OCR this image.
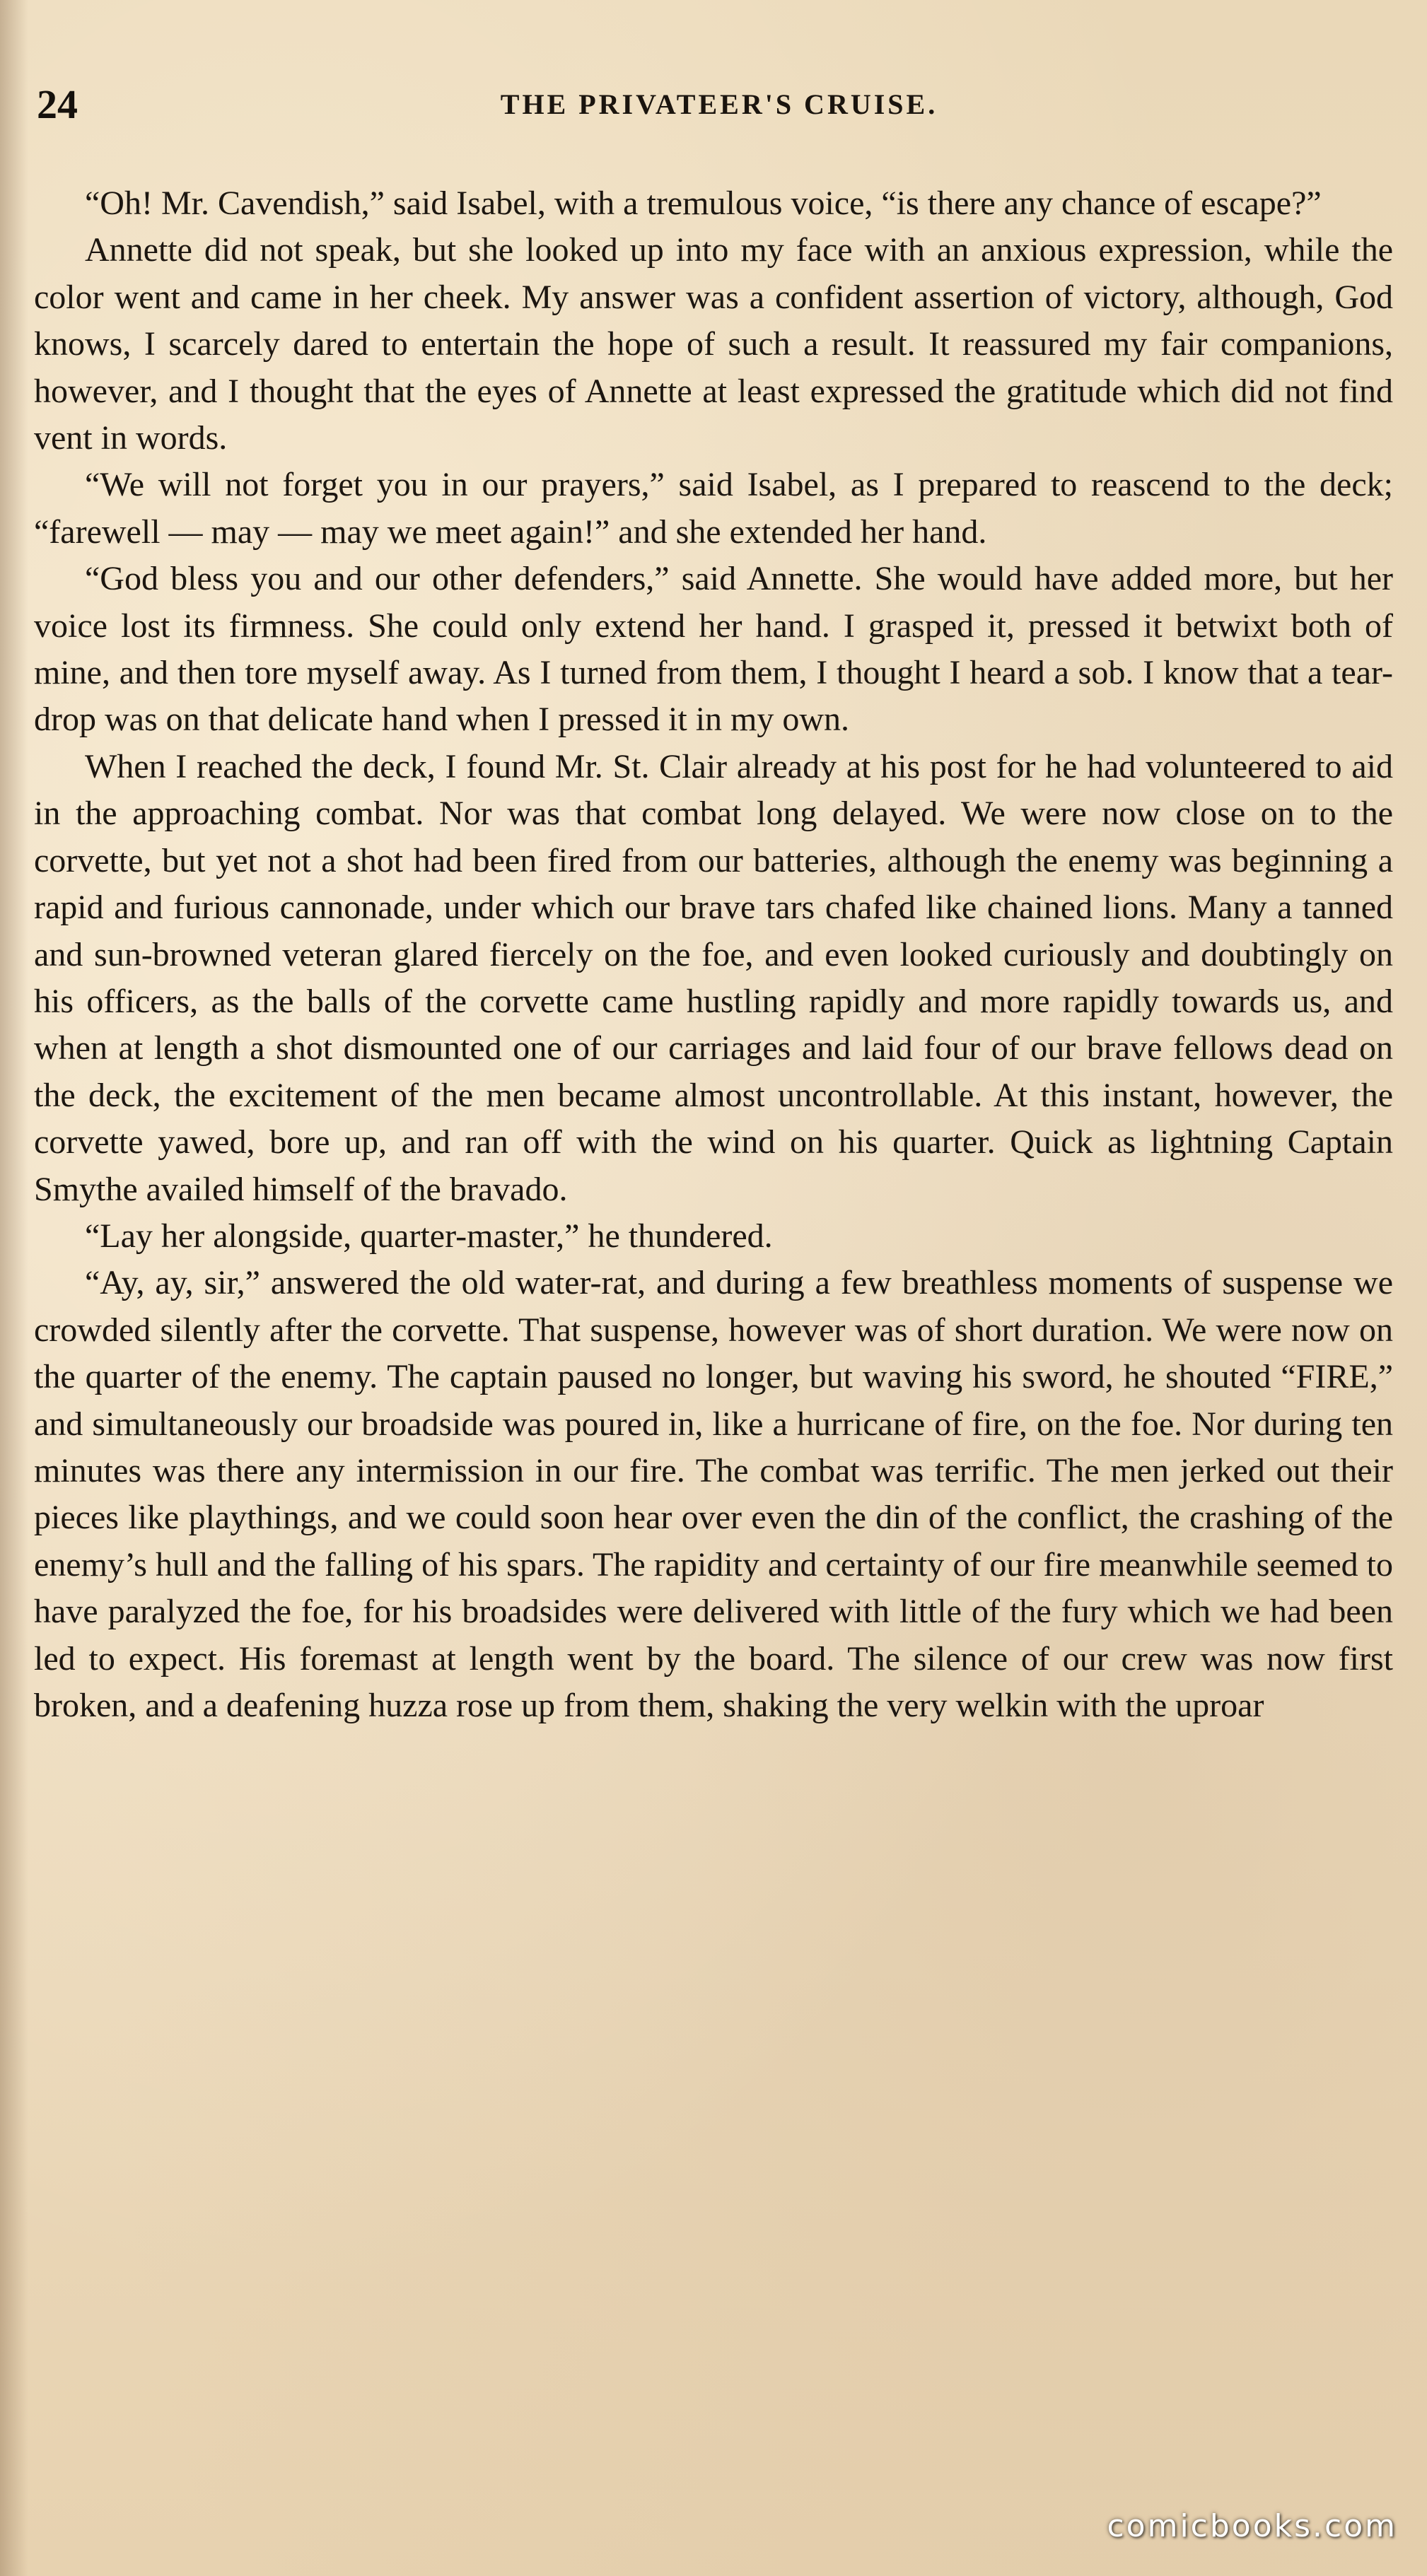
24	THE PRIVATEER'S CRUISE.

“Oh! Mr. Cavendish,” said Isabel, with a tremulous voice, “is there any chance of escape?”

Annette did not speak, but she looked up into my face with an anxious expression, while the color went and came in her cheek. My answer was a confident assertion of victory, although, God knows, I scarcely dared to entertain the hope of such a result. It reassured my fair companions, however, and I thought that the eyes of Annette at least expressed the gratitude which did not find vent in words.

“We will not forget you in our prayers,” said Isabel, as I prepared to reascend to the deck; “farewell — may — may we meet again!” and she extended her hand.

“God bless you and our other defenders,” said Annette. She would have added more, but her voice lost its firmness. She could only extend her hand. I grasped it, pressed it betwixt both of mine, and then tore myself away. As I turned from them, I thought I heard a sob. I know that a tear-drop was on that delicate hand when I pressed it in my own.

When I reached the deck, I found Mr. St. Clair already at his post for he had volunteered to aid in the approaching combat. Nor was that combat long delayed. We were now close on to the corvette, but yet not a shot had been fired from our batteries, although the enemy was beginning a rapid and furious cannonade, under which our brave tars chafed like chained lions. Many a tanned and sun-browned veteran glared fiercely on the foe, and even looked curiously and doubtingly on his officers, as the balls of the corvette came hustling rapidly and more rapidly towards us, and when at length a shot dismounted one of our carriages and laid four of our brave fellows dead on the deck, the excitement of the men became almost uncontrollable. At this instant, however, the corvette yawed, bore up, and ran off with the wind on his quarter. Quick as lightning Captain Smythe availed himself of the bravado.

“Lay her alongside, quarter-master,” he thundered.

“Ay, ay, sir,” answered the old water-rat, and during a few breathless moments of suspense we crowded silently after the corvette. That suspense, however was of short duration. We were now on the quarter of the enemy. The captain paused no longer, but waving his sword, he shouted “FIRE,” and simultaneously our broadside was poured in, like a hurricane of fire, on the foe. Nor during ten minutes was there any intermission in our fire. The combat was terrific. The men jerked out their pieces like playthings, and we could soon hear over even the din of the conflict, the crashing of the enemy’s hull and the falling of his spars. The rapidity and certainty of our fire meanwhile seemed to have paralyzed the foe, for his broadsides were delivered with little of the fury which we had been led to expect. His foremast at length went by the board. The silence of our crew was now first broken, and a deafening huzza rose up from them, shaking the very welkin with the uproar

comicbooks.com
